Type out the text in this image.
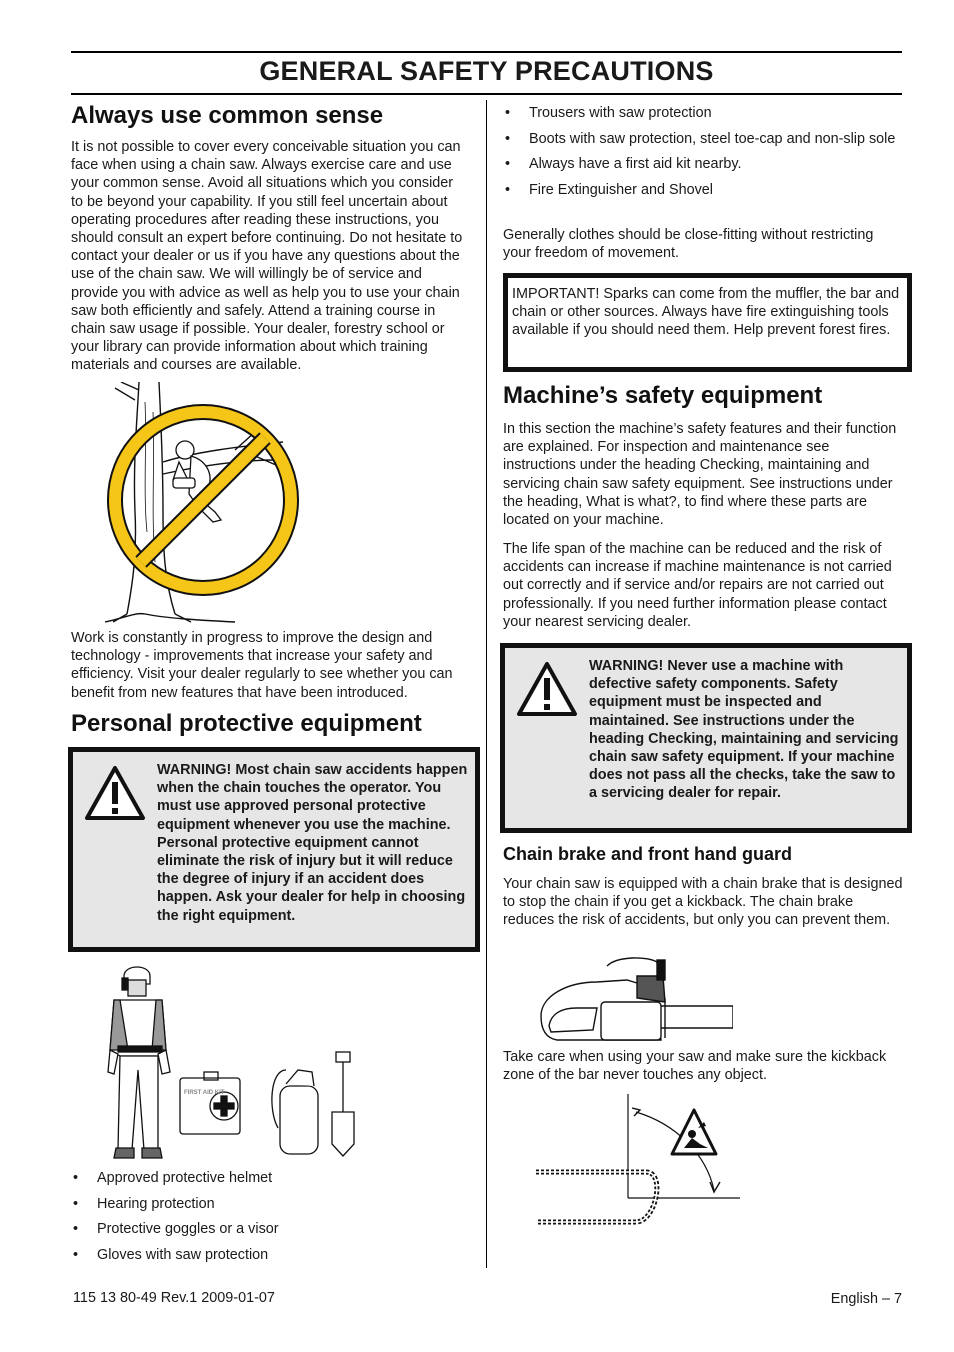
GENERAL SAFETY PRECAUTIONS
Always use common sense

It is not possible to cover every conceivable situation you can face when using a chain saw. Always exercise care and use your common sense. Avoid all situations which you consider to be beyond your capability. If you still feel uncertain about operating procedures after reading these instructions, you should consult an expert before continuing. Do not hesitate to contact your dealer or us if you have any questions about the use of the chain saw. We will willingly be of service and provide you with advice as well as help you to use your chain saw both efficiently and safely. Attend a training course in chain saw usage if possible. Your dealer, forestry school or your library can provide information about which training materials and courses are available.

Work is constantly in progress to improve the design and technology - improvements that increase your safety and efficiency. Visit your dealer regularly to see whether you can benefit from new features that have been introduced.

Personal protective equipment
WARNING! Most chain saw accidents happen when the chain touches the operator. You must use approved personal protective equipment whenever you use the machine. Personal protective equipment cannot eliminate the risk of injury but it will reduce the degree of injury if an accident does happen. Ask your dealer for help in choosing the right equipment.
FIRST AID KIT
• Approved protective helmet
• Hearing protection
• Protective goggles or a visor
• Gloves with saw protection
• Trousers with saw protection
• Boots with saw protection, steel toe-cap and non-slip sole
• Always have a first aid kit nearby.
• Fire Extinguisher and Shovel

Generally clothes should be close-fitting without restricting your freedom of movement.

IMPORTANT! Sparks can come from the muffler, the bar and chain or other sources. Always have fire extinguishing tools available if you should need them. Help prevent forest fires.

Machine’s safety equipment

In this section the machine’s safety features and their function are explained. For inspection and maintenance see instructions under the heading Checking, maintaining and servicing chain saw safety equipment. See instructions under the heading, What is what?, to find where these parts are located on your machine.

The life span of the machine can be reduced and the risk of accidents can increase if machine maintenance is not carried out correctly and if service and/or repairs are not carried out professionally. If you need further information please contact your nearest servicing dealer.

WARNING! Never use a machine with defective safety components. Safety equipment must be inspected and maintained. See instructions under the heading Checking, maintaining and servicing chain saw safety equipment. If your machine does not pass all the checks, take the saw to a servicing dealer for repair.
Chain brake and front hand guard

Your chain saw is equipped with a chain brake that is designed to stop the chain if you get a kickback. The chain brake reduces the risk of accidents, but only you can prevent them.

Take care when using your saw and make sure the kickback zone of the bar never touches any object.

115 13 80-49 Rev.1 2009-01-07	English – 7
